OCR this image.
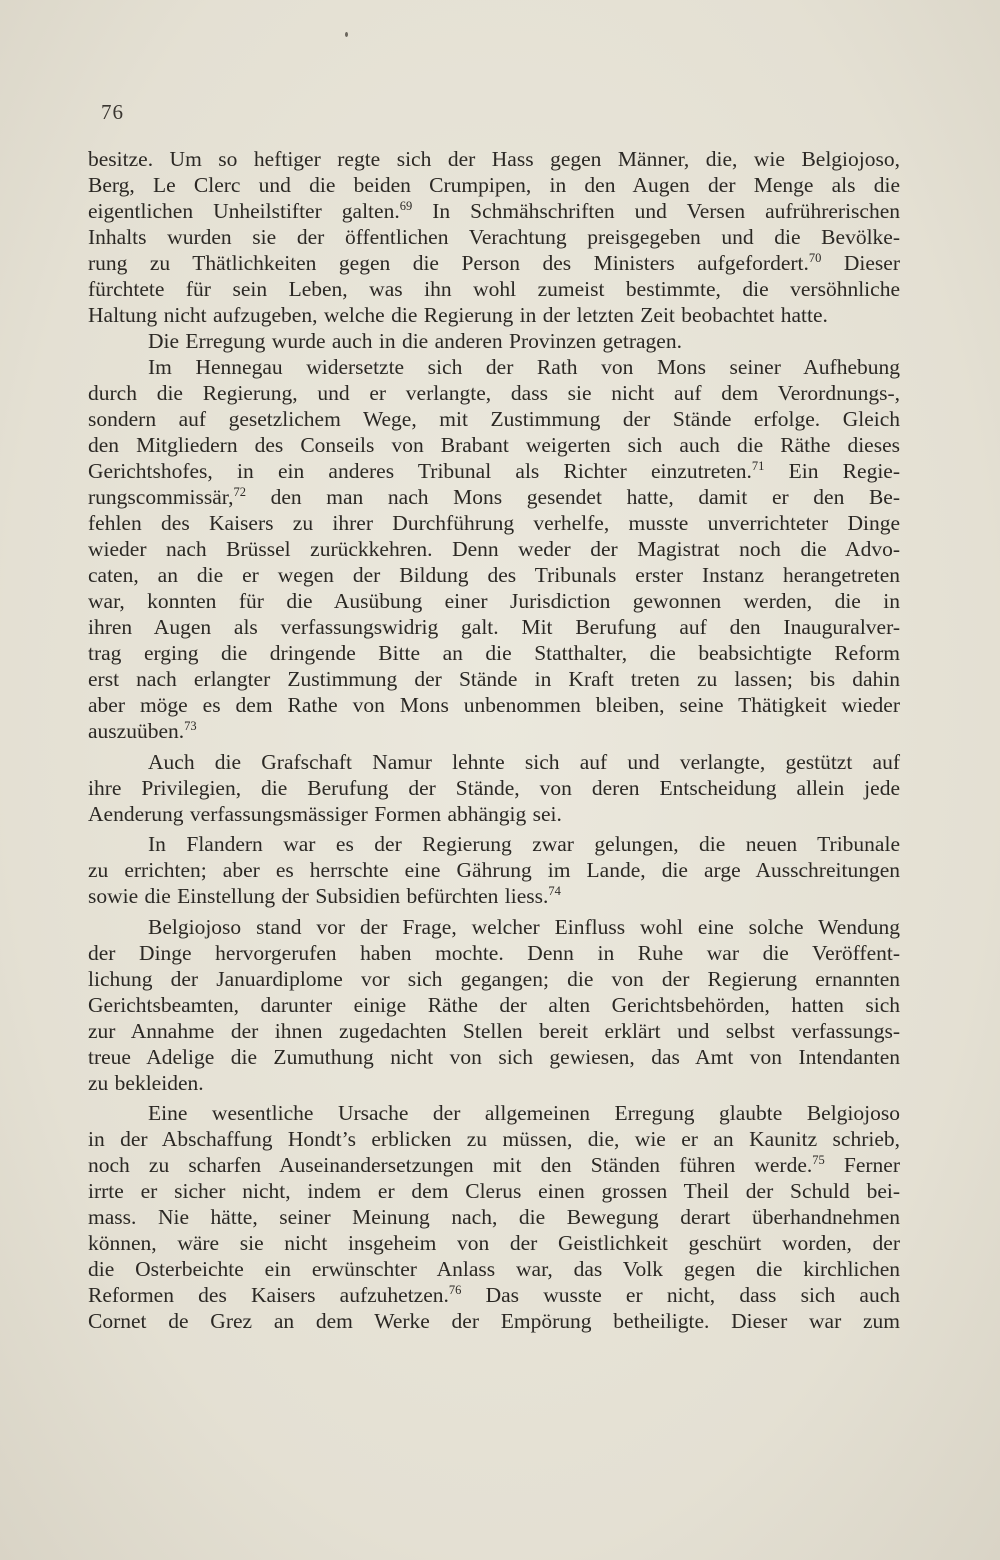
76
besitze. Um so heftiger regte sich der Hass gegen Männer, die, wie Belgiojoso,
Berg, Le Clerc und die beiden Crumpipen, in den Augen der Menge als die
eigentlichen Unheilstifter galten.$^{69}$ In Schmähschriften und Versen aufrührerischen
Inhalts wurden sie der öffentlichen Verachtung preisgegeben und die Bevölke-
rung zu Thätlichkeiten gegen die Person des Ministers aufgefordert.$^{70}$ Dieser
fürchtete für sein Leben, was ihn wohl zumeist bestimmte, die versöhnliche
Haltung nicht aufzugeben, welche die Regierung in der letzten Zeit beobachtet hatte.
Die Erregung wurde auch in die anderen Provinzen getragen.
Im Hennegau widersetzte sich der Rath von Mons seiner Aufhebung
durch die Regierung, und er verlangte, dass sie nicht auf dem Verordnungs-,
sondern auf gesetzlichem Wege, mit Zustimmung der Stände erfolge. Gleich
den Mitgliedern des Conseils von Brabant weigerten sich auch die Räthe dieses
Gerichtshofes, in ein anderes Tribunal als Richter einzutreten.$^{71}$ Ein Regie-
rungscommissär,$^{72}$ den man nach Mons gesendet hatte, damit er den Be-
fehlen des Kaisers zu ihrer Durchführung verhelfe, musste unverrichteter Dinge
wieder nach Brüssel zurückkehren. Denn weder der Magistrat noch die Advo-
caten, an die er wegen der Bildung des Tribunals erster Instanz herangetreten
war, konnten für die Ausübung einer Jurisdiction gewonnen werden, die in
ihren Augen als verfassungswidrig galt. Mit Berufung auf den Inauguralver-
trag erging die dringende Bitte an die Statthalter, die beabsichtigte Reform
erst nach erlangter Zustimmung der Stände in Kraft treten zu lassen; bis dahin
aber möge es dem Rathe von Mons unbenommen bleiben, seine Thätigkeit wieder
auszuüben.$^{73}$
Auch die Grafschaft Namur lehnte sich auf und verlangte, gestützt auf
ihre Privilegien, die Berufung der Stände, von deren Entscheidung allein jede
Aenderung verfassungsmässiger Formen abhängig sei.
In Flandern war es der Regierung zwar gelungen, die neuen Tribunale
zu errichten; aber es herrschte eine Gährung im Lande, die arge Ausschreitungen
sowie die Einstellung der Subsidien befürchten liess.$^{74}$
Belgiojoso stand vor der Frage, welcher Einfluss wohl eine solche Wendung
der Dinge hervorgerufen haben mochte. Denn in Ruhe war die Veröffent-
lichung der Januardiplome vor sich gegangen; die von der Regierung ernannten
Gerichtsbeamten, darunter einige Räthe der alten Gerichtsbehörden, hatten sich
zur Annahme der ihnen zugedachten Stellen bereit erklärt und selbst verfassungs-
treue Adelige die Zumuthung nicht von sich gewiesen, das Amt von Intendanten
zu bekleiden.
Eine wesentliche Ursache der allgemeinen Erregung glaubte Belgiojoso
in der Abschaffung Hondt’s erblicken zu müssen, die, wie er an Kaunitz schrieb,
noch zu scharfen Auseinandersetzungen mit den Ständen führen werde.$^{75}$ Ferner
irrte er sicher nicht, indem er dem Clerus einen grossen Theil der Schuld bei-
mass. Nie hätte, seiner Meinung nach, die Bewegung derart überhandnehmen
können, wäre sie nicht insgeheim von der Geistlichkeit geschürt worden, der
die Osterbeichte ein erwünschter Anlass war, das Volk gegen die kirchlichen
Reformen des Kaisers aufzuhetzen.$^{76}$ Das wusste er nicht, dass sich auch
Cornet de Grez an dem Werke der Empörung betheiligte. Dieser war zum
